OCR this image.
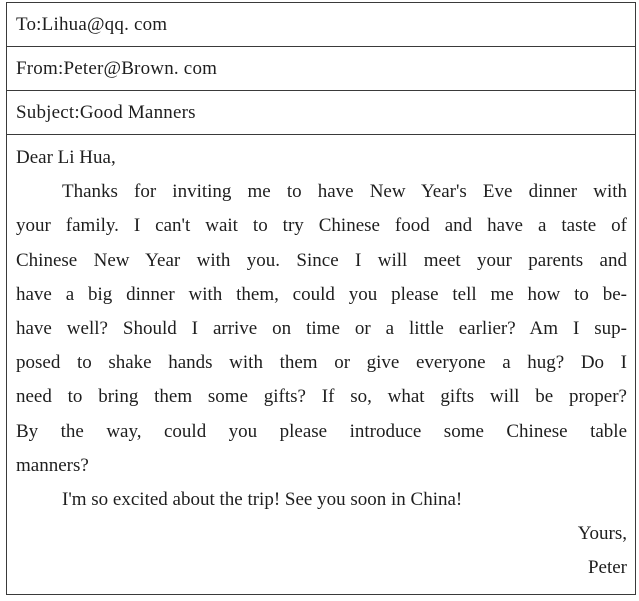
To:Lihua@qq. com
From:Peter@Brown. com
Subject:Good Manners
Dear Li Hua,
Thanks for inviting me to have New Year's Eve dinner with
your family. I can't wait to try Chinese food and have a taste of
Chinese New Year with you. Since I will meet your parents and
have a big dinner with them, could you please tell me how to be-
have well? Should I arrive on time or a little earlier? Am I sup-
posed to shake hands with them or give everyone a hug? Do I
need to bring them some gifts? If so, what gifts will be proper?
By the way, could you please introduce some Chinese table
manners?
I'm so excited about the trip! See you soon in China!
Yours,
Peter
